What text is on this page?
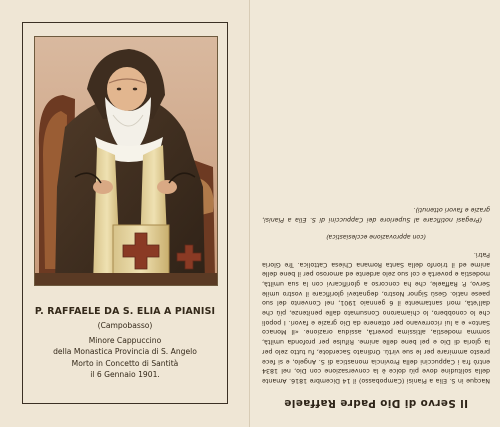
P. RAFFAELE DA S. ELIA A PIANISI
(Campobasso)
Minore Cappuccino
della Monastica Provincia di S. Angelo
Morto in Concetto di Santità
il 6 Gennaio 1901.
Il Servo di Dio Padre Raffaele
Nacque in S. Elia a Pianisi (Campobasso) il 14 Dicembre 1816. Amante della solitudine dove più dolce è la conversazione con Dio, nel 1834 entrò fra i Cappuccini della Provincia monastica di S. Angelo, e si fece presto ammirare per le sue virtù. Ordinato Sacerdote, fu tutto zelo per la gloria di Dio e pel bene delle anime. Rifulse per profonda umiltà, somma modestia, altissima povertà, assidua orazione. «Il Monaco Santo» e a lui ricorrevano per ottenere da Dio grazie e favori. I popoli che lo conobbero, lo chiamarono Consumato dalle penitenze, più che dall'età, morì santamente il 6 gennaio 1901, nel Convento del suo paese natio. Gesù Signor Nostro, degnatevi glorificare il vostro umile Servo, P. Raffaele, che ha concorso a glorificarvi con la sua umiltà, modestia e povertà e col suo zelo ardente ed amoroso per il bene delle anime ed il trionfo della Santa Romana Chiesa Cattolica. Tre Gloria Patri.
(con approvazione ecclesiastica)
(Pregasi notificare al Superiore dei Cappuccini di S. Elia a Pianisi, grazie e favori ottenuti).
